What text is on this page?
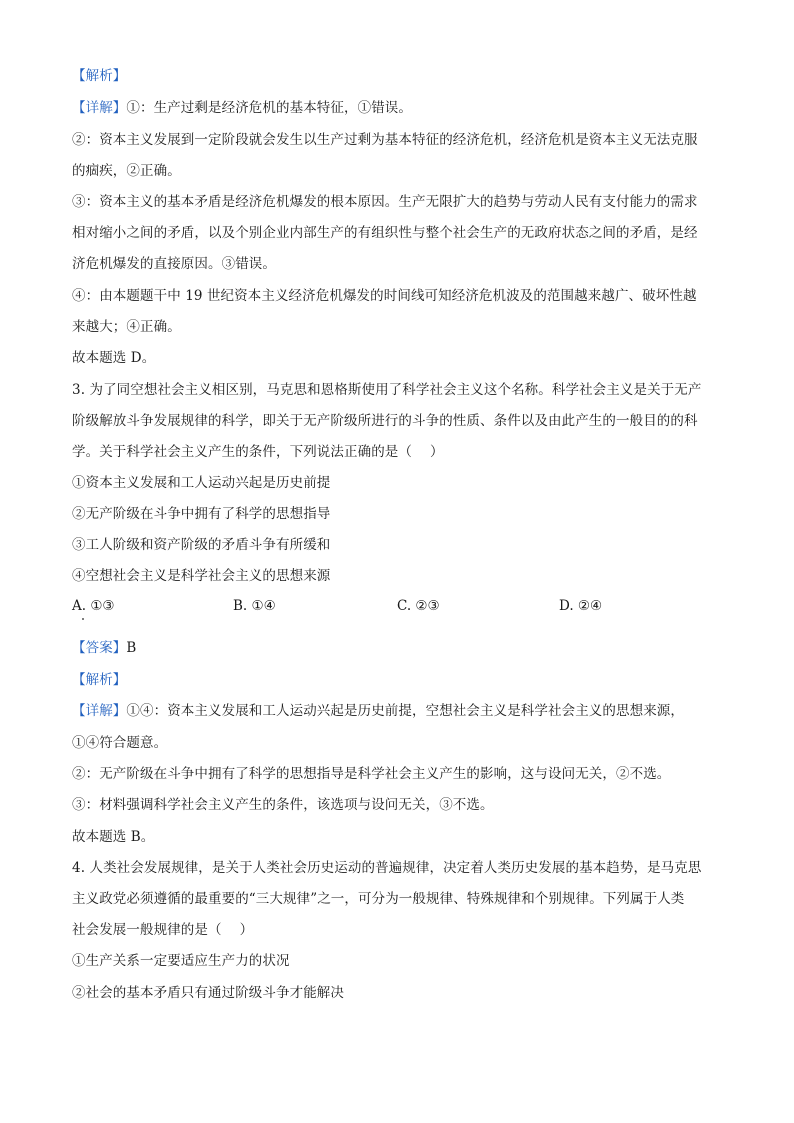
【解析】
【详解】①：生产过剩是经济危机的基本特征，①错误。
②：资本主义发展到一定阶段就会发生以生产过剩为基本特征的经济危机，经济危机是资本主义无法克服
的痼疾，②正确。
③：资本主义的基本矛盾是经济危机爆发的根本原因。生产无限扩大的趋势与劳动人民有支付能力的需求
相对缩小之间的矛盾，以及个别企业内部生产的有组织性与整个社会生产的无政府状态之间的矛盾，是经
济危机爆发的直接原因。③错误。
④：由本题题干中 19 世纪资本主义经济危机爆发的时间线可知经济危机波及的范围越来越广、破坏性越
来越大；④正确。
故本题选 D。
3. 为了同空想社会主义相区别，马克思和恩格斯使用了科学社会主义这个名称。科学社会主义是关于无产
阶级解放斗争发展规律的科学，即关于无产阶级所进行的斗争的性质、条件以及由此产生的一般目的的科
学。关于科学社会主义产生的条件，下列说法正确的是（　 ）
①资本主义发展和工人运动兴起是历史前提
②无产阶级在斗争中拥有了科学的思想指导
③工人阶级和资产阶级的矛盾斗争有所缓和
④空想社会主义是科学社会主义的思想来源
A. ①③	B. ①④	C. ②③	D. ②④
【答案】B
【解析】
【详解】①④：资本主义发展和工人运动兴起是历史前提，空想社会主义是科学社会主义的思想来源，
①④符合题意。
②：无产阶级在斗争中拥有了科学的思想指导是科学社会主义产生的影响，这与设问无关，②不选。
③：材料强调科学社会主义产生的条件，该选项与设问无关，③不选。
故本题选 B。
4. 人类社会发展规律，是关于人类社会历史运动的普遍规律，决定着人类历史发展的基本趋势，是马克思
主义政党必须遵循的最重要的“三大规律”之一，可分为一般规律、特殊规律和个别规律。下列属于人类
社会发展一般规律的是（　 ）
①生产关系一定要适应生产力的状况
②社会的基本矛盾只有通过阶级斗争才能解决
